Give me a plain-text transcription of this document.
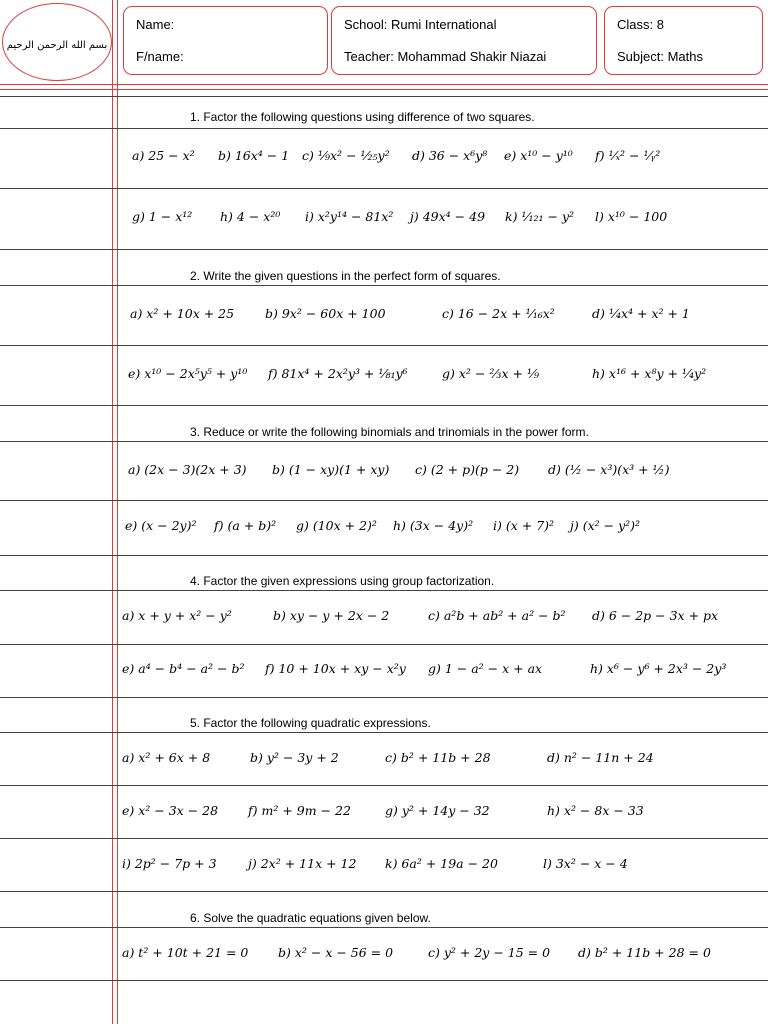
بسم الله الرحمن الرحيم
Name:
F/name:
School: Rumi International
Teacher: Mohammad Shakir Niazai
Class: 8
Subject: Maths
1. Factor the following questions using difference of two squares.
a) 25 − x² b) 16x⁴ − 1 c) ¹⁄₉x² − ¹⁄₂₅y² d) 36 − x⁶y⁸ e) x¹⁰ − y¹⁰ f) ¹⁄ₓ² − ¹⁄ᵧ²
g) 1 − x¹² h) 4 − x²⁰ i) x²y¹⁴ − 81x² j) 49x⁴ − 49 k) ¹⁄₁₂₁ − y² l) x¹⁰ − 100
2. Write the given questions in the perfect form of squares.
a) x² + 10x + 25 b) 9x² − 60x + 100	c) 16 − 2x + ¹⁄₁₆x²	d) ¹⁄₄x⁴ + x² + 1
e) x¹⁰ − 2x⁵y⁵ + y¹⁰ f) 81x⁴ + 2x²y³ + ¹⁄₈₁y⁶	g) x² − ²⁄₃x + ¹⁄₉	h) x¹⁶ + x⁸y + ¹⁄₄y²
3. Reduce or write the following binomials and trinomials in the power form.
a) (2x − 3)(2x + 3) b) (1 − xy)(1 + xy) c) (2 + p)(p − 2) d) (½ − x³)(x³ + ½)
e) (x − 2y)² f) (a + b)² g) (10x + 2)² h) (3x − 4y)² i) (x + 7)² j) (x² − y²)²
4. Factor the given expressions using group factorization.
a) x + y + x² − y²	b) xy − y + 2x − 2	c) a²b + ab² + a² − b² d) 6 − 2p − 3x + px
e) a⁴ − b⁴ − a² − b² f) 10 + 10x + xy − x²y g) 1 − a² − x + ax	h) x⁶ − y⁶ + 2x³ − 2y³
5. Factor the following quadratic expressions.
a) x² + 6x + 8	b) y² − 3y + 2	c) b² + 11b + 28	d) n² − 11n + 24
e) x² − 3x − 28 f) m² + 9m − 22	g) y² + 14y − 32	h) x² − 8x − 33
i) 2p² − 7p + 3	j) 2x² + 11x + 12 k) 6a² + 19a − 20	l) 3x² − x − 4
6. Solve the quadratic equations given below.
a) t² + 10t + 21 = 0 b) x² − x − 56 = 0	c) y² + 2y − 15 = 0 d) b² + 11b + 28 = 0
